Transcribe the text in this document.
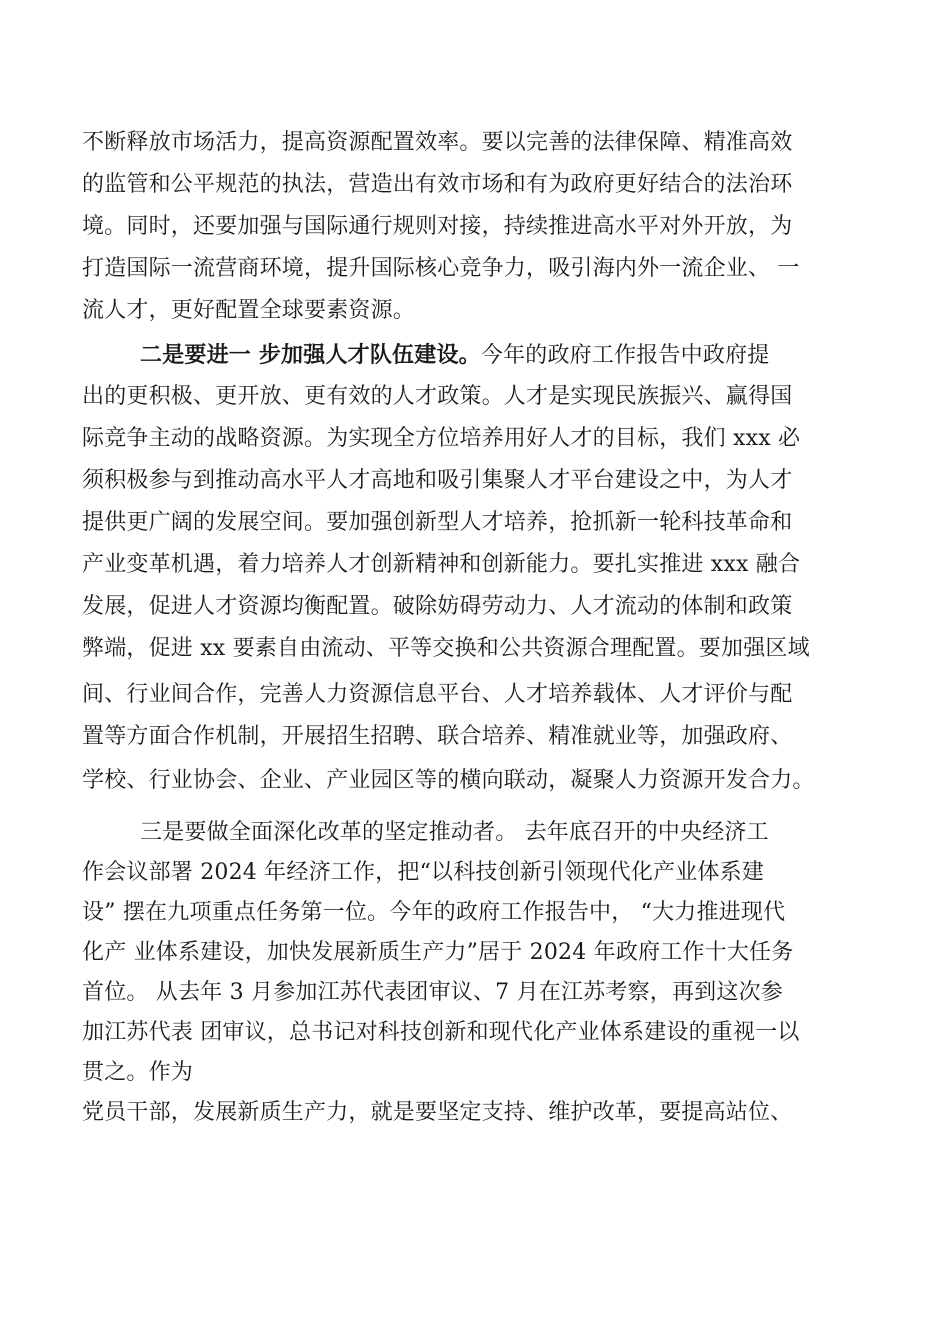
不断释放市场活力，提高资源配置效率。要以完善的法律保障、精准高效
的监管和公平规范的执法，营造出有效市场和有为政府更好结合的法治环
境。同时，还要加强与国际通行规则对接，持续推进高水平对外开放，为
打造国际一流营商环境，提升国际核心竞争力，吸引海内外一流企业、 一
流人才，更好配置全球要素资源。
二是要进一 步加强人才队伍建设。今年的政府工作报告中政府提
出的更积极、更开放、更有效的人才政策。人才是实现民族振兴、赢得国
际竞争主动的战略资源。为实现全方位培养用好人才的目标，我们 xxx 必
须积极参与到推动高水平人才高地和吸引集聚人才平台建设之中，为人才
提供更广阔的发展空间。要加强创新型人才培养，抢抓新一轮科技革命和
产业变革机遇，着力培养人才创新精神和创新能力。要扎实推进 xxx 融合
发展，促进人才资源均衡配置。破除妨碍劳动力、人才流动的体制和政策
弊端，促进 xx 要素自由流动、平等交换和公共资源合理配置。要加强区域
间、行业间合作，完善人力资源信息平台、人才培养载体、人才评价与配
置等方面合作机制，开展招生招聘、联合培养、精准就业等，加强政府、
学校、行业协会、企业、产业园区等的横向联动，凝聚人力资源开发合力。
三是要做全面深化改革的坚定推动者。 去年底召开的中央经济工
作会议部署 2024 年经济工作，把“以科技创新引领现代化产业体系建
设” 摆在九项重点任务第一位。今年的政府工作报告中， “大力推进现代
化产 业体系建设，加快发展新质生产力”居于 2024 年政府工作十大任务
首位。 从去年 3 月参加江苏代表团审议、7 月在江苏考察，再到这次参
加江苏代表 团审议，总书记对科技创新和现代化产业体系建设的重视一以
贯之。作为
党员干部，发展新质生产力，就是要坚定支持、维护改革，要提高站位、
